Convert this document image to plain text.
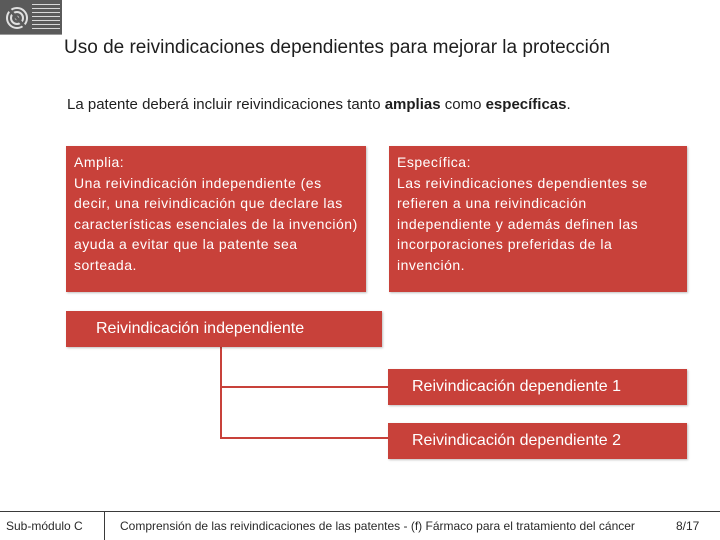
Uso de reivindicaciones dependientes para mejorar la protección
La patente deberá incluir reivindicaciones tanto amplias como específicas.

Amplia:

Una reivindicación independiente (es decir, una reivindicación que declare las características esenciales de la invención) ayuda a evitar que la patente sea sorteada.

Específica:

Las reivindicaciones dependientes se refieren a una reivindicación independiente y además definen las incorporaciones preferidas de la invención.

Reivindicación independiente
Reivindicación dependiente 1
Reivindicación dependiente 2
Sub-módulo C	Comprensión de las reivindicaciones de las patentes - (f) Fármaco para el tratamiento del cáncer	8/17
